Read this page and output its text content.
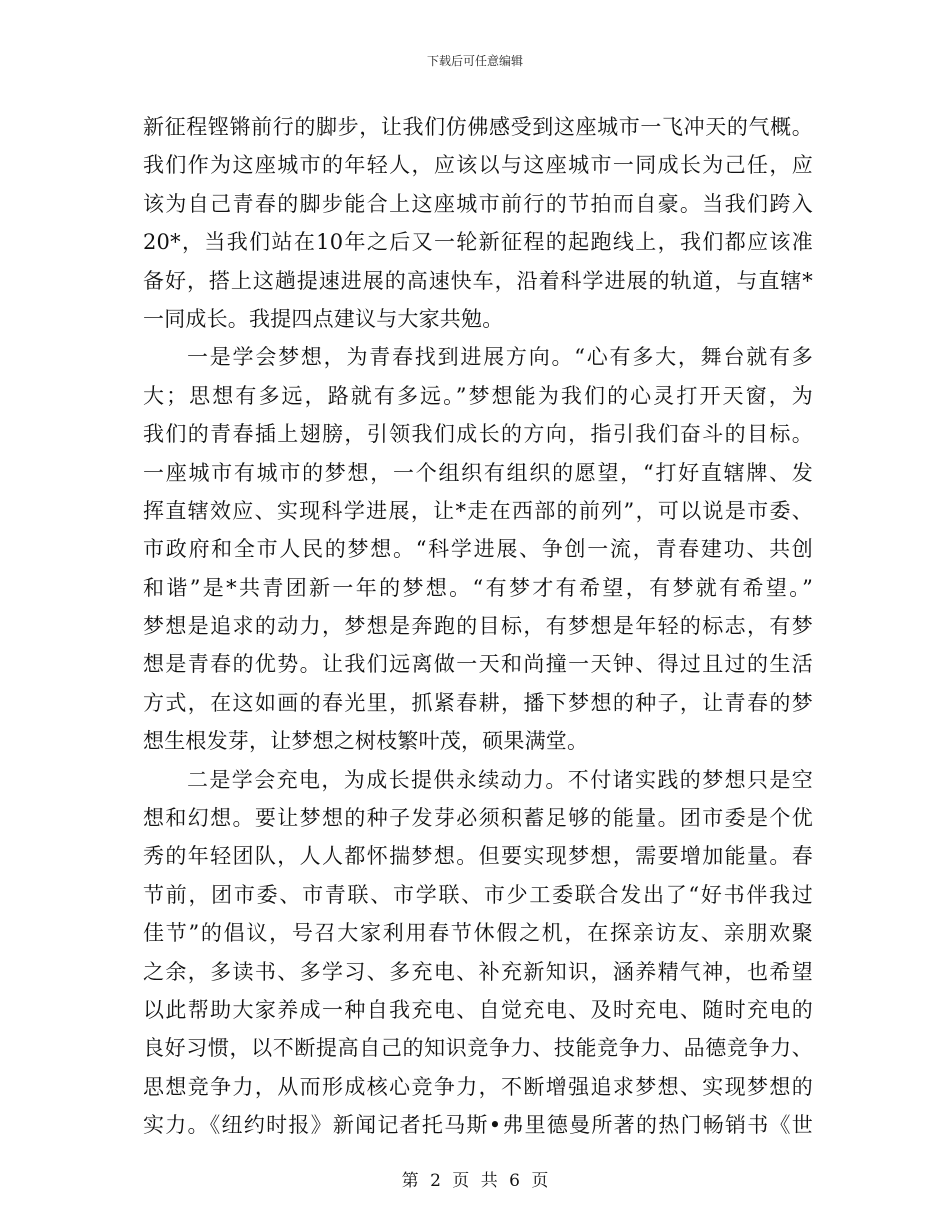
下载后可任意编辑
新征程铿锵前行的脚步，让我们仿佛感受到这座城市一飞冲天的气概。
我们作为这座城市的年轻人，应该以与这座城市一同成长为己任，应
该为自己青春的脚步能合上这座城市前行的节拍而自豪。当我们跨入
20*，当我们站在10年之后又一轮新征程的起跑线上，我们都应该准
备好，搭上这趟提速进展的高速快车，沿着科学进展的轨道，与直辖*
一同成长。我提四点建议与大家共勉。
一是学会梦想，为青春找到进展方向。“心有多大，舞台就有多
大；思想有多远，路就有多远。”梦想能为我们的心灵打开天窗，为
我们的青春插上翅膀，引领我们成长的方向，指引我们奋斗的目标。
一座城市有城市的梦想，一个组织有组织的愿望，“打好直辖牌、发
挥直辖效应、实现科学进展，让*走在西部的前列”，可以说是市委、
市政府和全市人民的梦想。“科学进展、争创一流，青春建功、共创
和谐”是*共青团新一年的梦想。“有梦才有希望，有梦就有希望。”
梦想是追求的动力，梦想是奔跑的目标，有梦想是年轻的标志，有梦
想是青春的优势。让我们远离做一天和尚撞一天钟、得过且过的生活
方式，在这如画的春光里，抓紧春耕，播下梦想的种子，让青春的梦
想生根发芽，让梦想之树枝繁叶茂，硕果满堂。
二是学会充电，为成长提供永续动力。不付诸实践的梦想只是空
想和幻想。要让梦想的种子发芽必须积蓄足够的能量。团市委是个优
秀的年轻团队，人人都怀揣梦想。但要实现梦想，需要增加能量。春
节前，团市委、市青联、市学联、市少工委联合发出了“好书伴我过
佳节”的倡议，号召大家利用春节休假之机，在探亲访友、亲朋欢聚
之余，多读书、多学习、多充电、补充新知识，涵养精气神，也希望
以此帮助大家养成一种自我充电、自觉充电、及时充电、随时充电的
良好习惯，以不断提高自己的知识竞争力、技能竞争力、品德竞争力、
思想竞争力，从而形成核心竞争力，不断增强追求梦想、实现梦想的
实力。《纽约时报》新闻记者托马斯•弗里德曼所著的热门畅销书《世
第 2 页 共 6 页
